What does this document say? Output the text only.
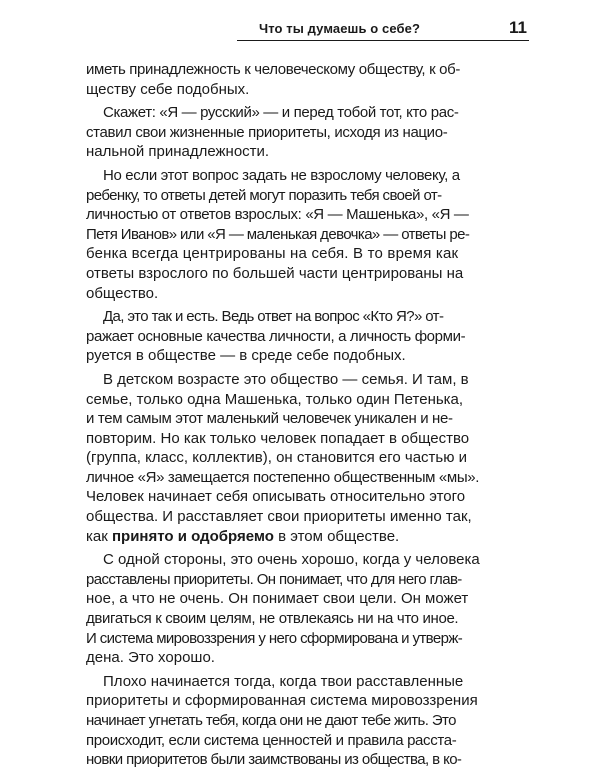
Что ты думаешь о себе?	11
иметь принадлежность к человеческому обществу, к об-
ществу себе подобных.
Скажет: «Я — русский» — и перед тобой тот, кто рас-
ставил свои жизненные приоритеты, исходя из нацио-
нальной принадлежности.
Но если этот вопрос задать не взрослому человеку, а
ребенку, то ответы детей могут поразить тебя своей от-
личностью от ответов взрослых: «Я — Машенька», «Я —
Петя Иванов» или «Я — маленькая девочка» — ответы ре-
бенка всегда центрированы на себя. В то время как
ответы взрослого по большей части центрированы на
общество.
Да, это так и есть. Ведь ответ на вопрос «Кто Я?» от-
ражает основные качества личности, а личность форми-
руется в обществе — в среде себе подобных.
В детском возрасте это общество — семья. И там, в
семье, только одна Машенька, только один Петенька,
и тем самым этот маленький человечек уникален и не-
повторим. Но как только человек попадает в общество
(группа, класс, коллектив), он становится его частью и
личное «Я» замещается постепенно общественным «мы».
Человек начинает себя описывать относительно этого
общества. И расставляет свои приоритеты именно так,
как принято и одобряемо в этом обществе.
С одной стороны, это очень хорошо, когда у человека
расставлены приоритеты. Он понимает, что для него глав-
ное, а что не очень. Он понимает свои цели. Он может
двигаться к своим целям, не отвлекаясь ни на что иное.
И система мировоззрения у него сформирована и утверж-
дена. Это хорошо.
Плохо начинается тогда, когда твои расставленные
приоритеты и сформированная система мировоззрения
начинает угнетать тебя, когда они не дают тебе жить. Это
происходит, если система ценностей и правила расста-
новки приоритетов были заимствованы из общества, в ко-
